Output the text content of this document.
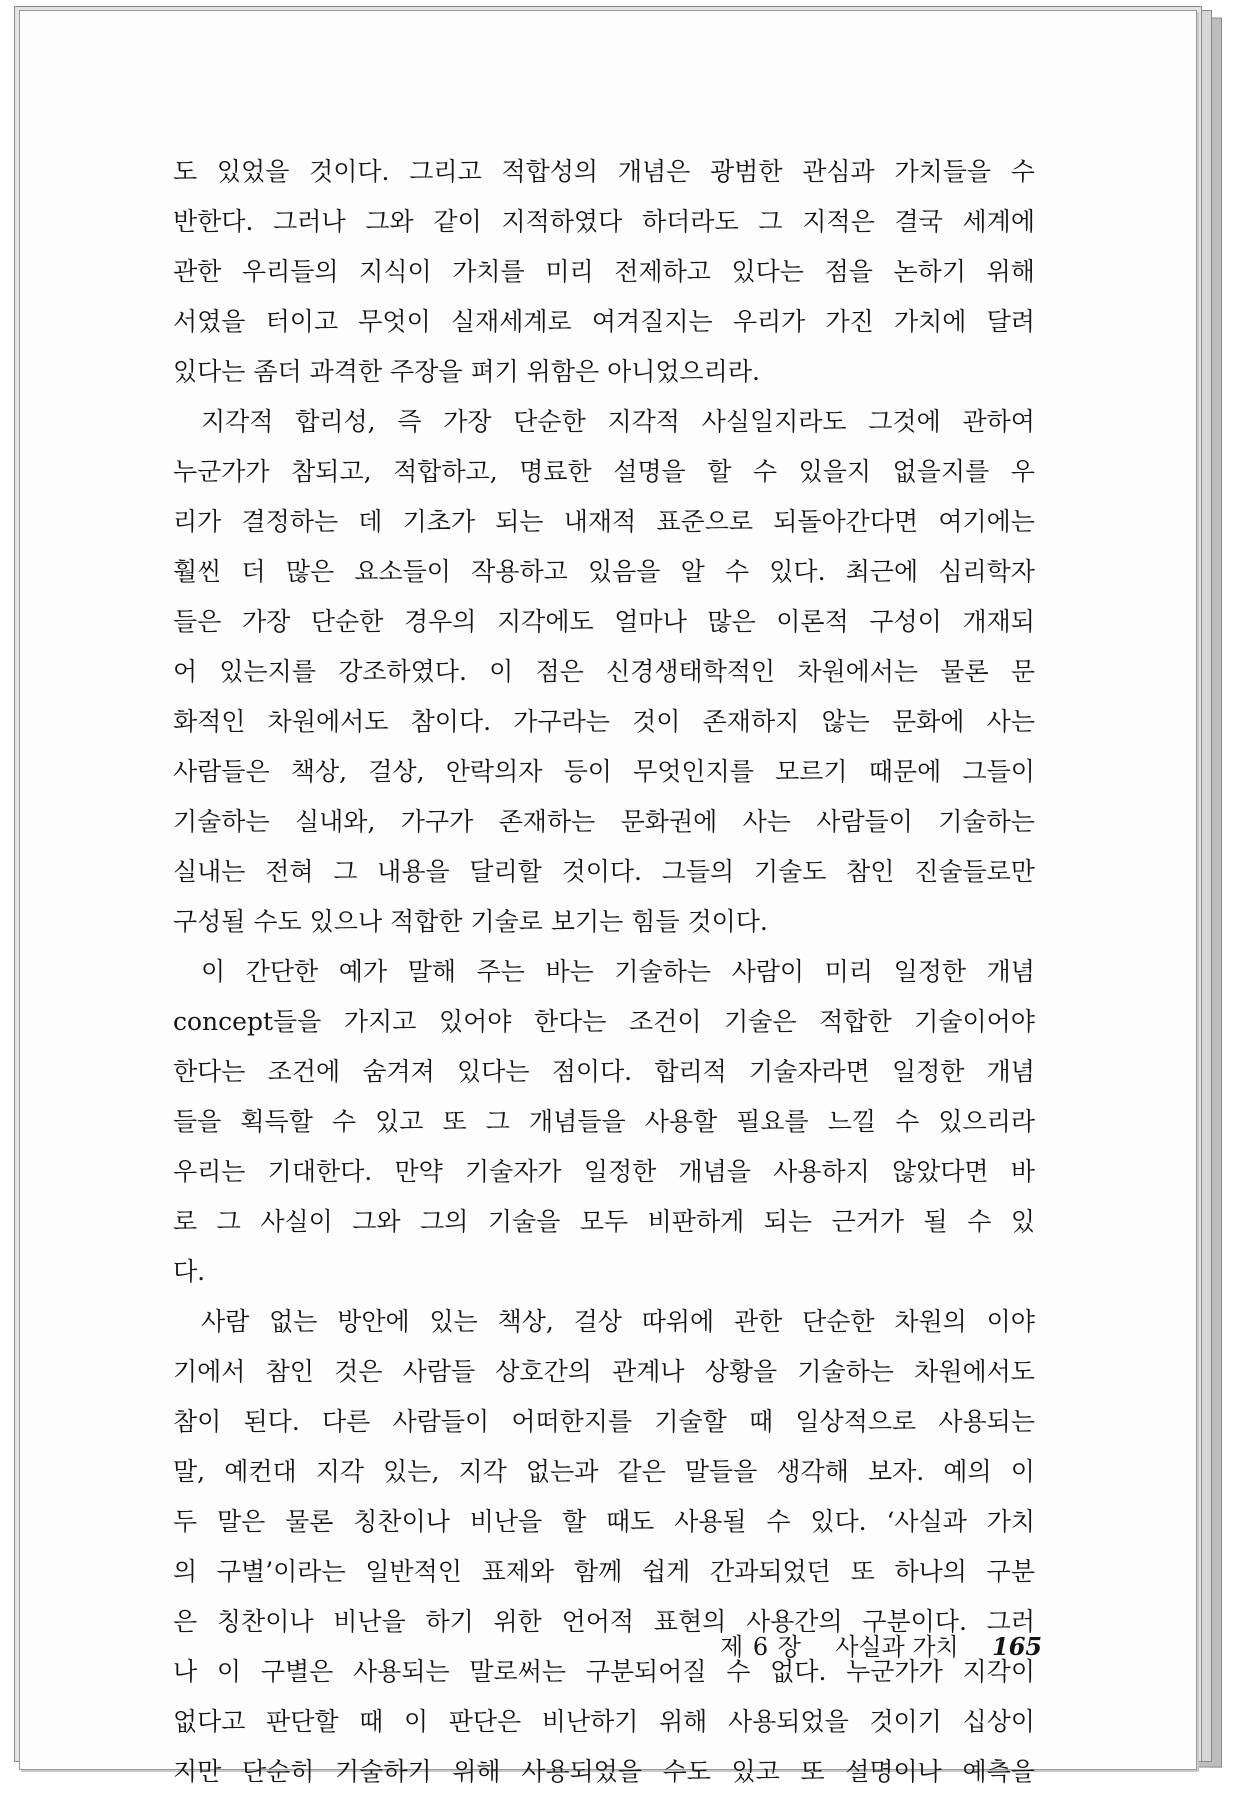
도 있었을 것이다. 그리고 적합성의 개념은 광범한 관심과 가치들을 수
반한다. 그러나 그와 같이 지적하였다 하더라도 그 지적은 결국 세계에
관한 우리들의 지식이 가치를 미리 전제하고 있다는 점을 논하기 위해
서였을 터이고 무엇이 실재세계로 여겨질지는 우리가 가진 가치에 달려
있다는 좀더 과격한 주장을 펴기 위함은 아니었으리라.
지각적 합리성, 즉 가장 단순한 지각적 사실일지라도 그것에 관하여
누군가가 참되고, 적합하고, 명료한 설명을 할 수 있을지 없을지를 우
리가 결정하는 데 기초가 되는 내재적 표준으로 되돌아간다면 여기에는
훨씬 더 많은 요소들이 작용하고 있음을 알 수 있다. 최근에 심리학자
들은 가장 단순한 경우의 지각에도 얼마나 많은 이론적 구성이 개재되
어 있는지를 강조하였다. 이 점은 신경생태학적인 차원에서는 물론 문
화적인 차원에서도 참이다. 가구라는 것이 존재하지 않는 문화에 사는
사람들은 책상, 걸상, 안락의자 등이 무엇인지를 모르기 때문에 그들이
기술하는 실내와, 가구가 존재하는 문화권에 사는 사람들이 기술하는
실내는 전혀 그 내용을 달리할 것이다. 그들의 기술도 참인 진술들로만
구성될 수도 있으나 적합한 기술로 보기는 힘들 것이다.
이 간단한 예가 말해 주는 바는 기술하는 사람이 미리 일정한 개념
concept들을 가지고 있어야 한다는 조건이 기술은 적합한 기술이어야
한다는 조건에 숨겨져 있다는 점이다. 합리적 기술자라면 일정한 개념
들을 획득할 수 있고 또 그 개념들을 사용할 필요를 느낄 수 있으리라
우리는 기대한다. 만약 기술자가 일정한 개념을 사용하지 않았다면 바
로 그 사실이 그와 그의 기술을 모두 비판하게 되는 근거가 될 수 있
다.
사람 없는 방안에 있는 책상, 걸상 따위에 관한 단순한 차원의 이야
기에서 참인 것은 사람들 상호간의 관계나 상황을 기술하는 차원에서도
참이 된다. 다른 사람들이 어떠한지를 기술할 때 일상적으로 사용되는
말, 예컨대 지각 있는, 지각 없는과 같은 말들을 생각해 보자. 예의 이
두 말은 물론 칭찬이나 비난을 할 때도 사용될 수 있다. ‘사실과 가치
의 구별’이라는 일반적인 표제와 함께 쉽게 간과되었던 또 하나의 구분
은 칭찬이나 비난을 하기 위한 언어적 표현의 사용간의 구분이다. 그러
나 이 구별은 사용되는 말로써는 구분되어질 수 없다. 누군가가 지각이
없다고 판단할 때 이 판단은 비난하기 위해 사용되었을 것이기 십상이
지만 단순히 기술하기 위해 사용되었을 수도 있고 또 설명이나 예측을
제 6 장 사실과 가치 165
